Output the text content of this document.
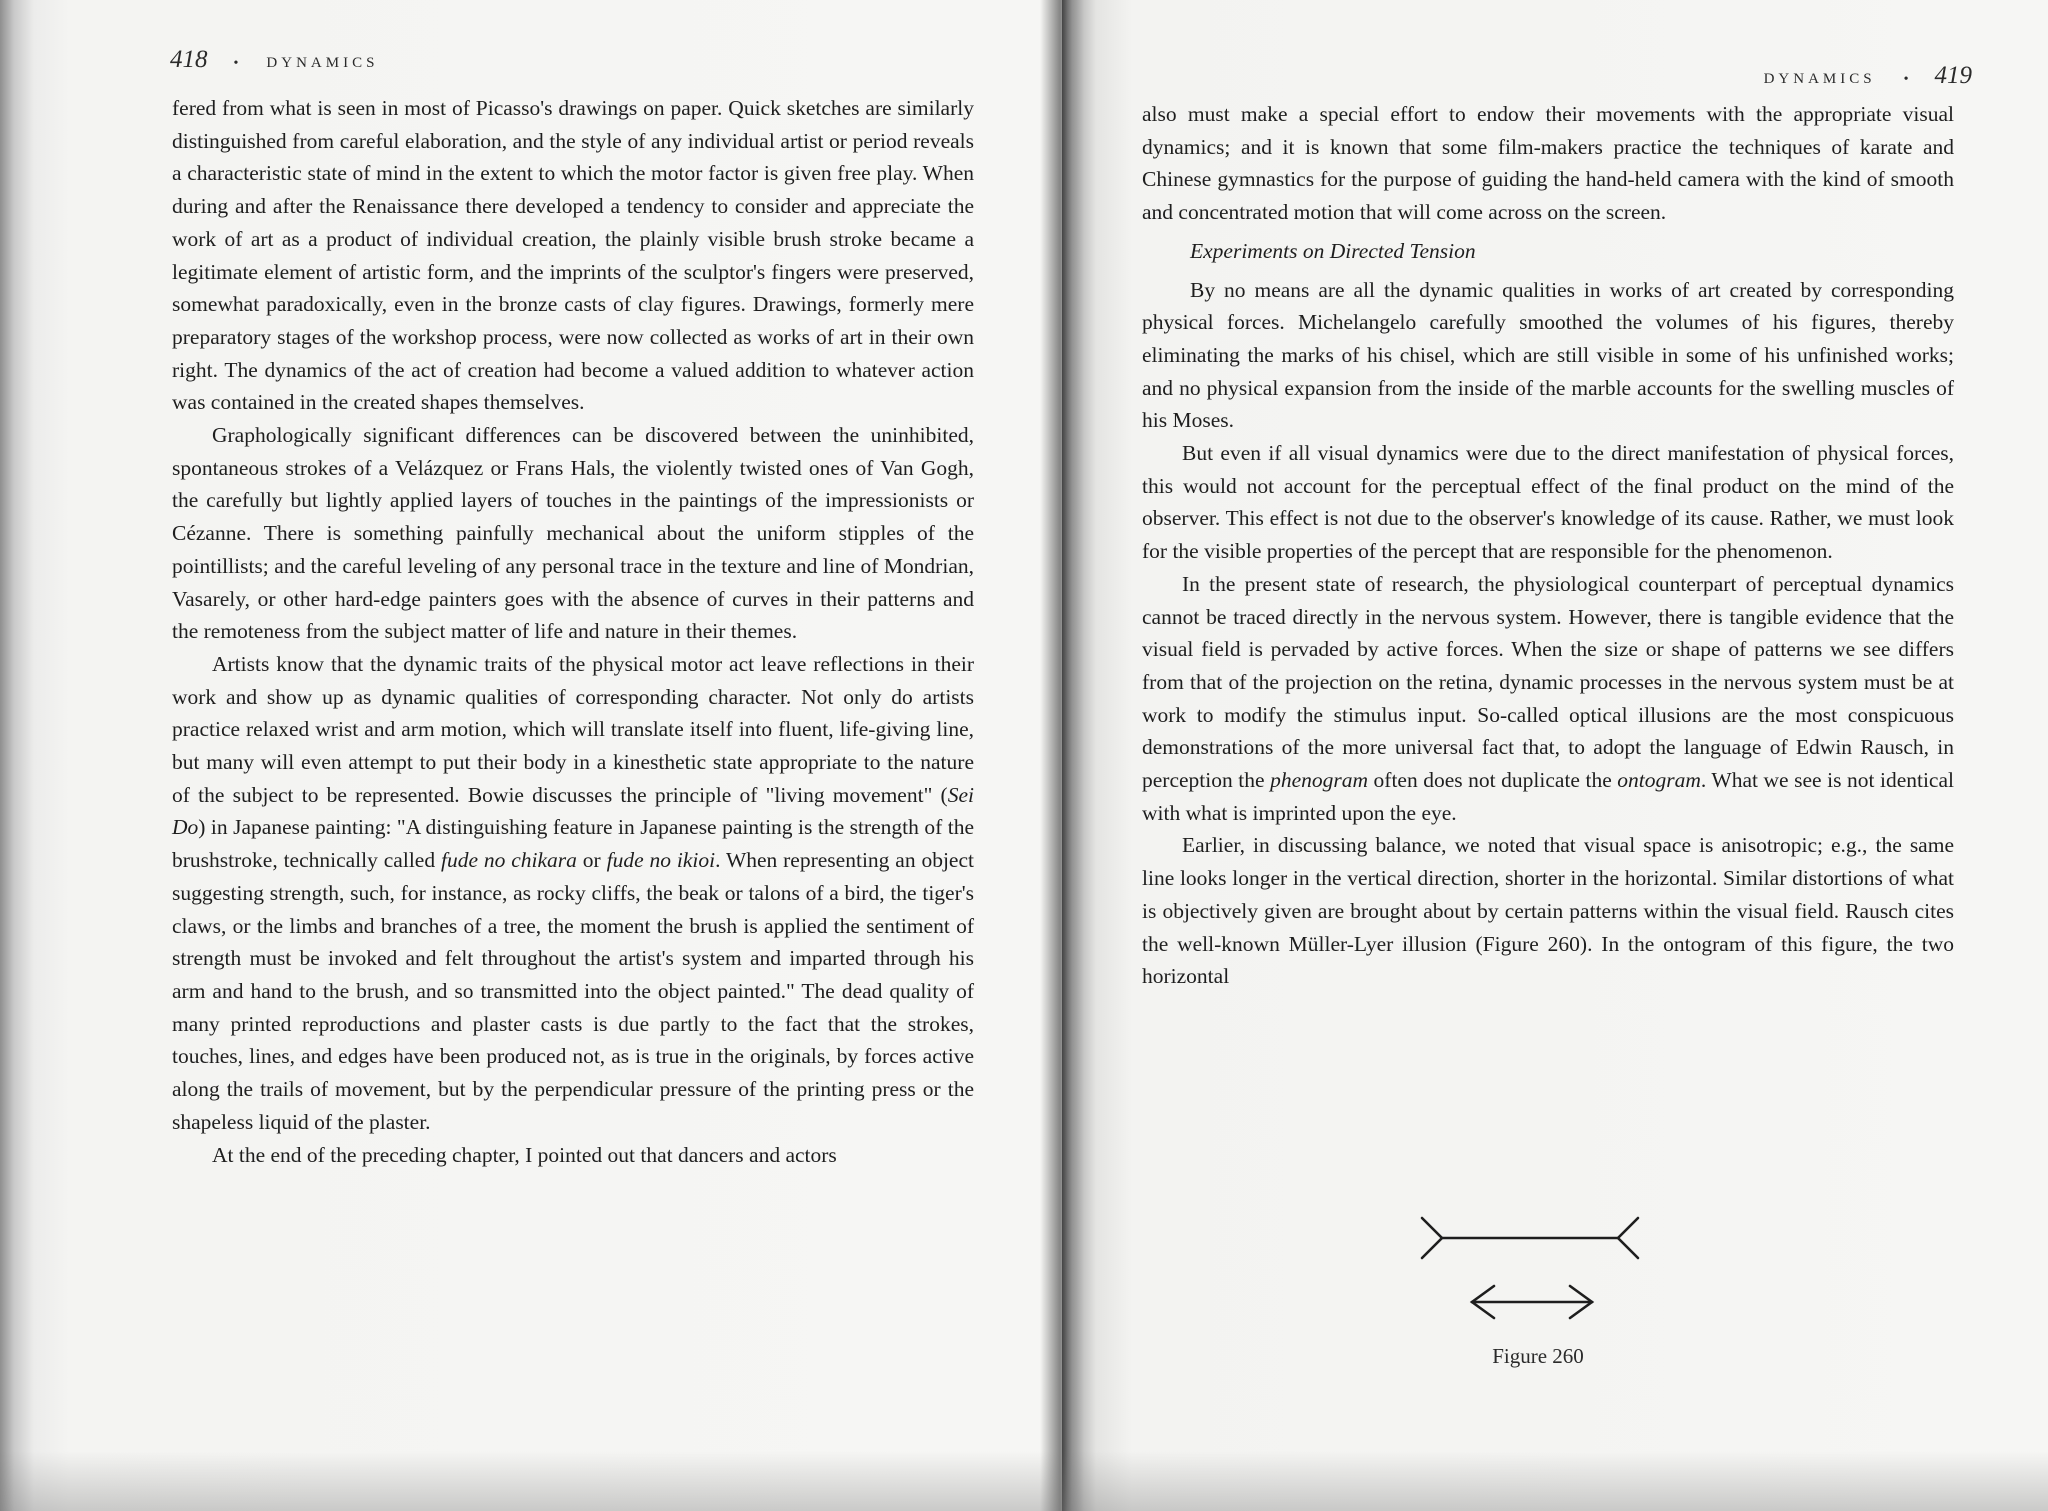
418 • DYNAMICS

fered from what is seen in most of Picasso's drawings on paper. Quick sketches are similarly distinguished from careful elaboration, and the style of any individual artist or period reveals a characteristic state of mind in the extent to which the motor factor is given free play. When during and after the Renaissance there developed a tendency to consider and appreciate the work of art as a product of individual creation, the plainly visible brush stroke became a legitimate element of artistic form, and the imprints of the sculptor's fingers were preserved, somewhat paradoxically, even in the bronze casts of clay figures. Drawings, formerly mere preparatory stages of the workshop process, were now collected as works of art in their own right. The dynamics of the act of creation had become a valued addition to whatever action was contained in the created shapes themselves.

Graphologically significant differences can be discovered between the uninhibited, spontaneous strokes of a Velázquez or Frans Hals, the violently twisted ones of Van Gogh, the carefully but lightly applied layers of touches in the paintings of the impressionists or Cézanne. There is something painfully mechanical about the uniform stipples of the pointillists; and the careful leveling of any personal trace in the texture and line of Mondrian, Vasarely, or other hard-edge painters goes with the absence of curves in their patterns and the remoteness from the subject matter of life and nature in their themes.

Artists know that the dynamic traits of the physical motor act leave reflections in their work and show up as dynamic qualities of corresponding character. Not only do artists practice relaxed wrist and arm motion, which will translate itself into fluent, life-giving line, but many will even attempt to put their body in a kinesthetic state appropriate to the nature of the subject to be represented. Bowie discusses the principle of "living movement" (Sei Do) in Japanese painting: "A distinguishing feature in Japanese painting is the strength of the brushstroke, technically called fude no chikara or fude no ikioi. When representing an object suggesting strength, such, for instance, as rocky cliffs, the beak or talons of a bird, the tiger's claws, or the limbs and branches of a tree, the moment the brush is applied the sentiment of strength must be invoked and felt throughout the artist's system and imparted through his arm and hand to the brush, and so transmitted into the object painted." The dead quality of many printed reproductions and plaster casts is due partly to the fact that the strokes, touches, lines, and edges have been produced not, as is true in the originals, by forces active along the trails of movement, but by the perpendicular pressure of the printing press or the shapeless liquid of the plaster.

At the end of the preceding chapter, I pointed out that dancers and actors

DYNAMICS • 419

also must make a special effort to endow their movements with the appropriate visual dynamics; and it is known that some film-makers practice the techniques of karate and Chinese gymnastics for the purpose of guiding the hand-held camera with the kind of smooth and concentrated motion that will come across on the screen.

Experiments on Directed Tension

By no means are all the dynamic qualities in works of art created by corresponding physical forces. Michelangelo carefully smoothed the volumes of his figures, thereby eliminating the marks of his chisel, which are still visible in some of his unfinished works; and no physical expansion from the inside of the marble accounts for the swelling muscles of his Moses.

But even if all visual dynamics were due to the direct manifestation of physical forces, this would not account for the perceptual effect of the final product on the mind of the observer. This effect is not due to the observer's knowledge of its cause. Rather, we must look for the visible properties of the percept that are responsible for the phenomenon.

In the present state of research, the physiological counterpart of perceptual dynamics cannot be traced directly in the nervous system. However, there is tangible evidence that the visual field is pervaded by active forces. When the size or shape of patterns we see differs from that of the projection on the retina, dynamic processes in the nervous system must be at work to modify the stimulus input. So-called optical illusions are the most conspicuous demonstrations of the more universal fact that, to adopt the language of Edwin Rausch, in perception the phenogram often does not duplicate the ontogram. What we see is not identical with what is imprinted upon the eye.

Earlier, in discussing balance, we noted that visual space is anisotropic; e.g., the same line looks longer in the vertical direction, shorter in the horizontal. Similar distortions of what is objectively given are brought about by certain patterns within the visual field. Rausch cites the well-known Müller-Lyer illusion (Figure 260). In the ontogram of this figure, the two horizontal

Figure 260
